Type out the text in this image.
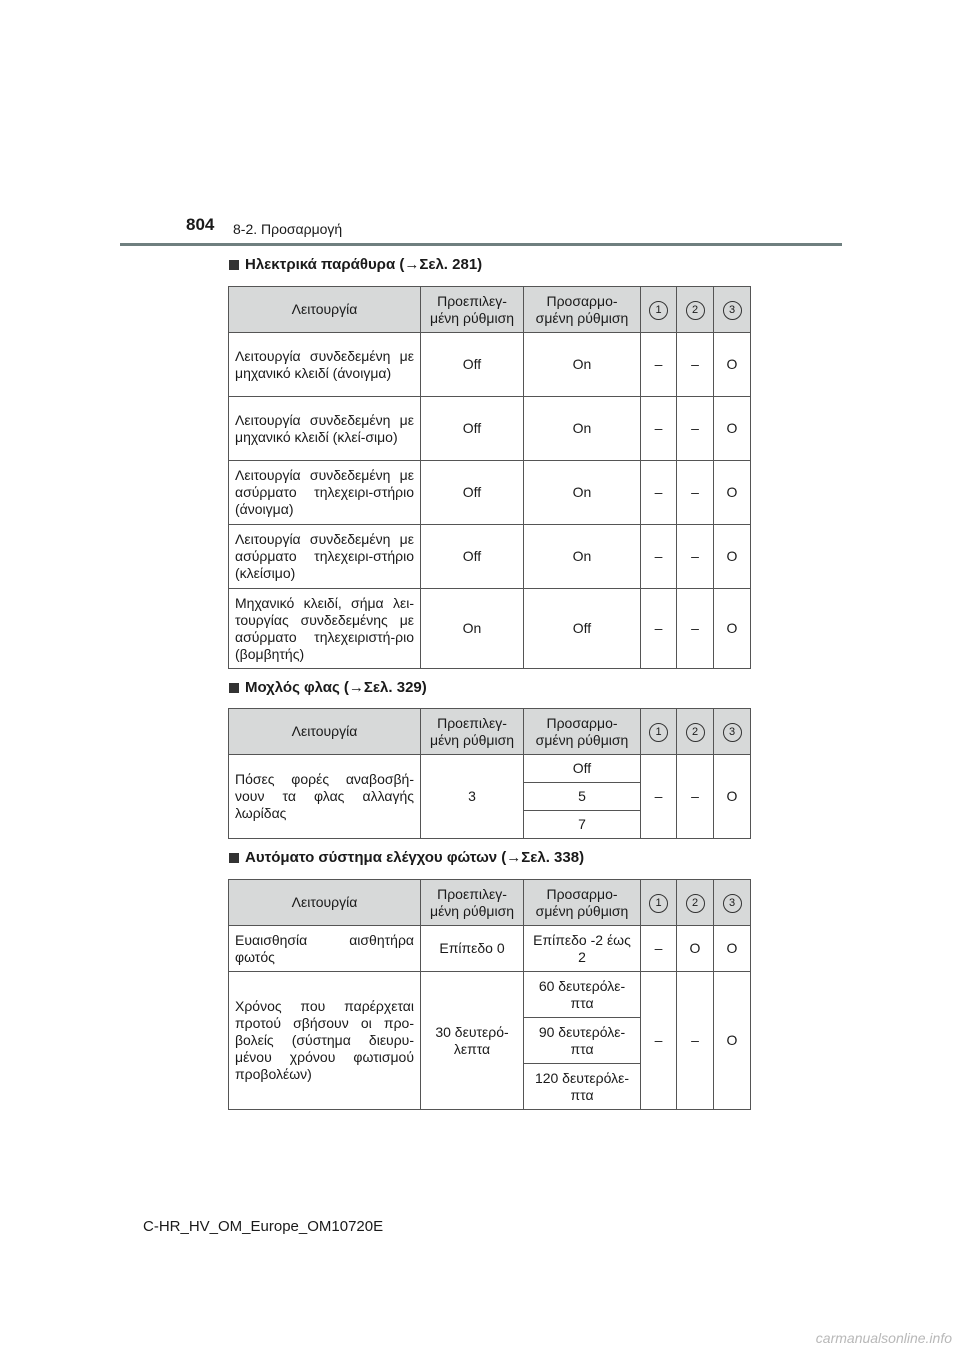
804 8-2. Προσαρμογή
Ηλεκτρικά παράθυρα (→Σελ. 281)
Λειτουργία	Προεπιλεγ-μένη ρύθμιση	Προσαρμο-σμένη ρύθμιση	1	2	3
Λειτουργία συνδεδεμένη με μηχανικό κλειδί (άνοιγμα)	Off	On	–	–	O
Λειτουργία συνδεδεμένη με μηχανικό κλειδί (κλεί-σιμο)	Off	On	–	–	O
Λειτουργία συνδεδεμένη με ασύρματο τηλεχειρι-στήριο (άνοιγμα)	Off	On	–	–	O
Λειτουργία συνδεδεμένη με ασύρματο τηλεχειρι-στήριο (κλείσιμο)	Off	On	–	–	O
Μηχανικό κλειδί, σήμα λει-τουργίας συνδεδεμένης με ασύρματο τηλεχειριστή-ριο (βομβητής)	On	Off	–	–	O
Μοχλός φλας (→Σελ. 329)
Λειτουργία	Προεπιλεγ-μένη ρύθμιση	Προσαρμο-σμένη ρύθμιση	1	2	3
Πόσες φορές αναβοσβή-νουν τα φλας αλλαγής λωρίδας	3	Off	–	–	O
		5			
		7			
Αυτόματο σύστημα ελέγχου φώτων (→Σελ. 338)
Λειτουργία	Προεπιλεγ-μένη ρύθμιση	Προσαρμο-σμένη ρύθμιση	1	2	3
Ευαισθησία αισθητήρα φωτός	Επίπεδο 0	Επίπεδο -2 έως 2	–	O	O
Χρόνος που παρέρχεται προτού σβήσουν οι προ-βολείς (σύστημα διευρυ-μένου χρόνου φωτισμού προβολέων)	30 δευτερό-λεπτα	60 δευτερόλε-πτα	–	–	O
		90 δευτερόλε-πτα			
		120 δευτερόλε-πτα			
C-HR_HV_OM_Europe_OM10720E
carmanualsonline.info
